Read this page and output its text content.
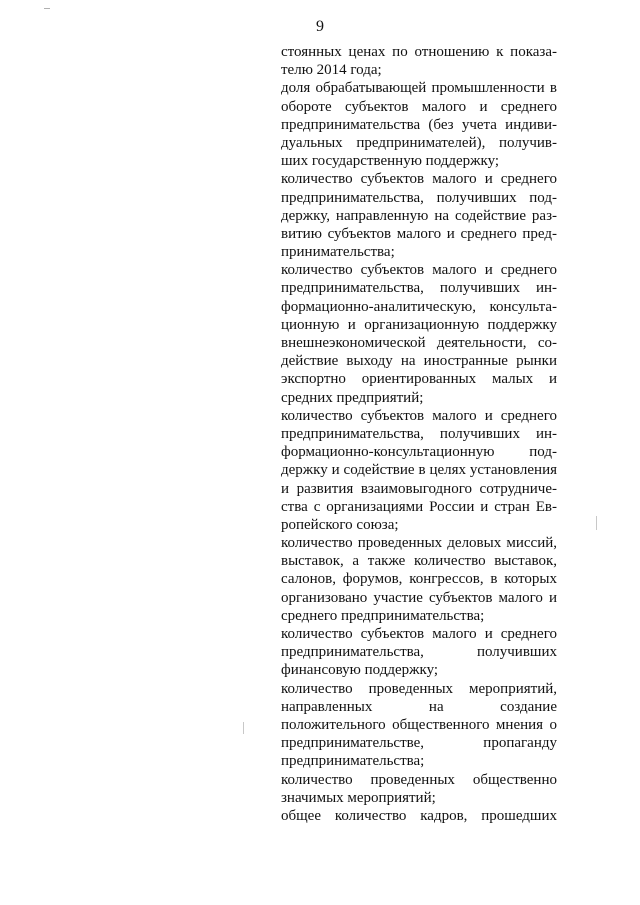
9

стоянных ценах по отношению к показа-

телю 2014 года;

доля обрабатывающей промышленности в

обороте субъектов малого и среднего

предпринимательства (без учета индиви-

дуальных предпринимателей), получив-

ших государственную поддержку;

количество субъектов малого и среднего

предпринимательства, получивших под-

держку, направленную на содействие раз-

витию субъектов малого и среднего пред-

принимательства;

количество субъектов малого и среднего

предпринимательства, получивших ин-

формационно-аналитическую, консульта-

ционную и организационную поддержку

внешнеэкономической деятельности, со-

действие выходу на иностранные рынки

экспортно ориентированных малых и

средних предприятий;

количество субъектов малого и среднего

предпринимательства, получивших ин-

формационно-консультационную под-

держку и содействие в целях установления

и развития взаимовыгодного сотрудниче-

ства с организациями России и стран Ев-

ропейского союза;

количество проведенных деловых миссий,

выставок, а также количество выставок,

салонов, форумов, конгрессов, в которых

организовано участие субъектов малого и

среднего предпринимательства;

количество субъектов малого и среднего

предпринимательства, получивших

финансовую поддержку;

количество проведенных мероприятий,

направленных на создание

положительного общественного мнения о

предпринимательстве, пропаганду

предпринимательства;

количество проведенных общественно

значимых мероприятий;

общее количество кадров, прошедших
